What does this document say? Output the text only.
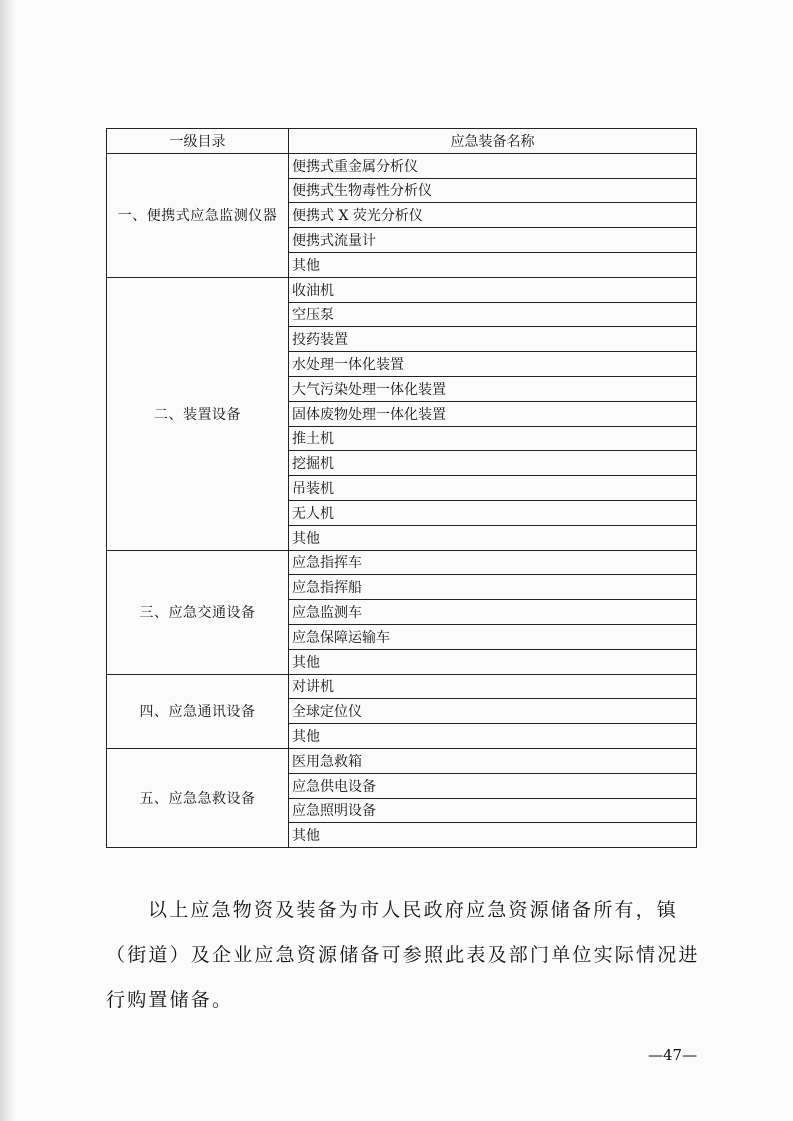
一级目录	应急装备名称
一、便携式应急监测仪器	便携式重金属分析仪
	便携式生物毒性分析仪
	便携式 X 荧光分析仪
	便携式流量计
	其他
二、装置设备	收油机
	空压泵
	投药装置
	水处理一体化装置
	大气污染处理一体化装置
	固体废物处理一体化装置
	推土机
	挖掘机
	吊装机
	无人机
	其他
三、应急交通设备	应急指挥车
	应急指挥船
	应急监测车
	应急保障运输车
	其他
四、应急通讯设备	对讲机
	全球定位仪
	其他
五、应急急救设备	医用急救箱
	应急供电设备
	应急照明设备
	其他

以上应急物资及装备为市人民政府应急资源储备所有，镇（街道）及企业应急资源储备可参照此表及部门单位实际情况进行购置储备。

—47—
